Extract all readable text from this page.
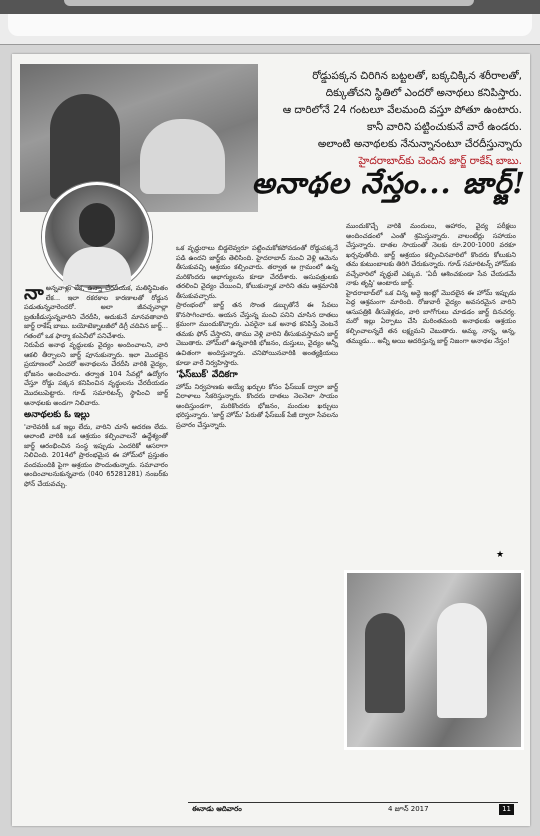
రోడ్డుపక్కన చిరిగిన బట్టలతో, బక్కచిక్కిన శరీరాలతో,
దిక్కుతోచని స్థితిలో ఎందరో అనాథలు కనిపిస్తారు.
ఆ దారిలోనే 24 గంటలూ వేలమంది వస్తూ పోతూ ఉంటారు.
కానీ వారిని పట్టించుకునే వారే ఉండరు.
అలాంటి అనాథలకు నేనున్నానంటూ చేరదీస్తున్నారు
హైదరాబాద్‌కు చెందిన జార్జ్ రాకేష్ బాబు.
అనాథల నేస్తం... జార్జ్!

నాఅన్నవాళ్లు లేక, ఉన్నా చేరదీయక, మతిస్థిమితం లేక... ఇలా రకరకాల కారణాలతో రోడ్డున పడుతున్నవారెందరో. అలా జీవచ్ఛవాల్లా బ్రతుకీడుస్తున్నవారిని చేరదీసి, ఆదుకునే మానవతావాది జార్జ్ రాకేష్ బాబు. బయోటెక్నాలజీలో డిగ్రీ చదివిన జార్జ్... గతంలో ఒక ఫార్మా కంపెనీలో పనిచేశారు.

నిరుపేద అనాథ వృద్ధులకు వైద్యం అందించాలని, వారి ఆకలి తీర్చాలని జార్జ్ పూనుకున్నారు. ఇలా మొదలైన ప్రయాణంలో ఎందరో అనాథలను చేరదీసి వారికి వైద్యం, భోజనం అందించారు. తర్వాత 104 సేవల్లో ఉద్యోగం చేస్తూ రోడ్డు పక్కన కనిపించిన వృద్ధులను చేరదీయడం మొదలుపెట్టారు. గూడ్ సమారిటన్స్ స్థాపించి జార్జ్ అనాథలకు అండగా నిలిచారు.

అనాథలకు ఓ ఇల్లు

'వారెవరికీ ఒక ఇల్లు లేదు, వారిని చూసే ఆదరణ లేదు. అలాంటి వారికి ఒక ఆశ్రయం కల్పించాలనే' ఉద్దేశ్యంతో జార్జ్ ఆరంభించిన సంస్థ ఇప్పుడు ఎందరికో ఆసరాగా నిలిచింది. 2014లో ప్రారంభమైన ఈ హోమ్‌లో ప్రస్తుతం వందమందికి పైగా ఆశ్రయం పొందుతున్నారు. సమాచారం అందించాలనుకున్నవారు (040 65281281) నంబర్‌కు ఫోన్ చేయవచ్చు.

ఒక వృద్ధురాలు బిడ్డలెవ్వరూ పట్టించుకోకపోవడంతో రోడ్డుపక్కనే పడి ఉందని జార్జ్‌కు తెలిసింది. హైదరాబాద్ నుంచి వెళ్లి ఆమెను తీసుకువచ్చి ఆశ్రయం కల్పించారు. తర్వాత ఆ గ్రామంలో ఉన్న మరికొందరు అభాగ్యులను కూడా చేరదీశారు. ఆసుపత్రులకు తరలించి వైద్యం చేయించి, కోలుకున్నాక వారిని తమ ఆశ్రమానికి తీసుకువచ్చారు.

ప్రారంభంలో జార్జ్ తన సొంత డబ్బుతోనే ఈ సేవలు కొనసాగించారు. ఆయన చేస్తున్న మంచి పనిని చూసిన దాతలు క్రమంగా ముందుకొచ్చారు. ఎవరైనా ఒక అనాథ కనిపిస్తే వెంటనే తమకు ఫోన్ చేస్తారని, తాము వెళ్లి వారిని తీసుకువస్తామని జార్జ్ చెబుతారు. హోమ్‌లో ఉన్నవారికి భోజనం, దుస్తులు, వైద్యం అన్నీ ఉచితంగా అందిస్తున్నారు. చనిపోయినవారికి అంత్యక్రియలు కూడా వారే నిర్వహిస్తారు.

'ఫేస్‌బుక్' వేదికగా

హోమ్ నిర్వహణకు అయ్యే ఖర్చుల కోసం ఫేస్‌బుక్ ద్వారా జార్జ్ విరాళాలు సేకరిస్తున్నారు. కొందరు దాతలు నెలనెలా సాయం అందిస్తుండగా, మరికొందరు భోజనం, మందుల ఖర్చులు భరిస్తున్నారు. 'జార్జ్ హోమ్' పేరుతో ఫేస్‌బుక్ పేజీ ద్వారా సేవలను ప్రచారం చేస్తున్నారు.

ముందుకొచ్చే వారికి మందులు, ఆహారం, వైద్య పరీక్షలు అందించడంలో ఎంతో శ్రమిస్తున్నారు. వాలంటీర్లు సహాయం చేస్తున్నారు. దాతల సాయంతో నెలకు రూ.200-1000 వరకూ ఖర్చవుతోంది. జార్జ్ ఆశ్రయం కల్పించినవారిలో కొందరు కోలుకుని తమ కుటుంబాలకు తిరిగి చేరుకున్నారు. గూడ్ సమారిటన్స్ హోమ్‌కు వచ్చేవారిలో వృద్ధులే ఎక్కువ. 'ఏదీ ఆశించకుండా సేవ చేయడమే నాకు తృప్తి' అంటారు జార్జ్.

హైదరాబాద్‌లో ఒక చిన్న అద్దె ఇంట్లో మొదలైన ఈ హోమ్ ఇప్పుడు పెద్ద ఆశ్రమంగా మారింది. రోజువారీ వైద్యం అవసరమైన వారిని ఆసుపత్రికి తీసుకెళ్లడం, వారి బాగోగులు చూడడం జార్జ్ దినచర్య. మరో ఇల్లు ఏర్పాటు చేసి మరింతమంది అనాథలకు ఆశ్రయం కల్పించాలన్నదే తన లక్ష్యమని చెబుతారు. అమ్మ, నాన్న, అన్న, తమ్ముడు... అన్నీ అయి ఆదరిస్తున్న జార్జ్ నిజంగా అనాథల నేస్తం!

★
ఈనాడు ఆదివారం	4 జూన్ 2017	11
